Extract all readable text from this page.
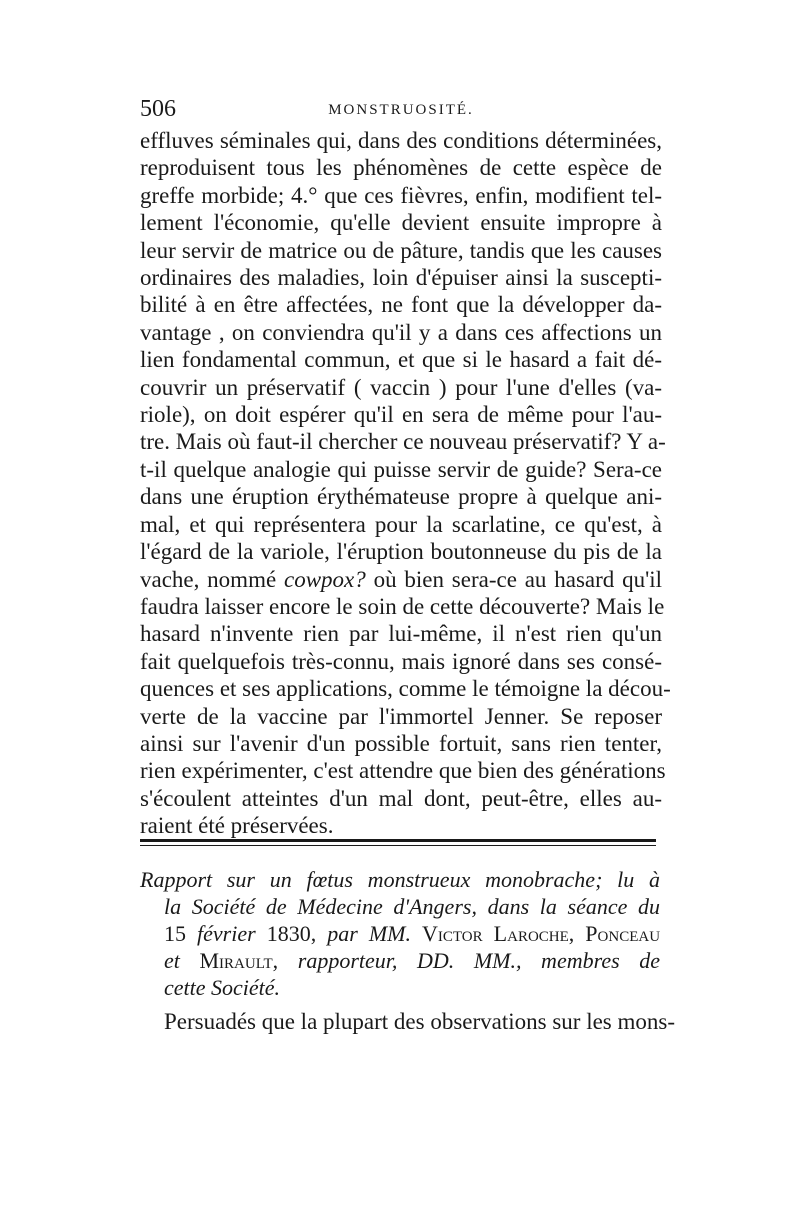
506	MONSTRUOSITÉ.
effluves séminales qui, dans des conditions déterminées,
reproduisent tous les phénomènes de cette espèce de
greffe morbide; 4.° que ces fièvres, enfin, modifient tel-
lement l'économie, qu'elle devient ensuite impropre à
leur servir de matrice ou de pâture, tandis que les causes
ordinaires des maladies, loin d'épuiser ainsi la suscepti-
bilité à en être affectées, ne font que la développer da-
vantage , on conviendra qu'il y a dans ces affections un
lien fondamental commun, et que si le hasard a fait dé-
couvrir un préservatif ( vaccin ) pour l'une d'elles (va-
riole), on doit espérer qu'il en sera de même pour l'au-
tre. Mais où faut-il chercher ce nouveau préservatif? Y a-
t-il quelque analogie qui puisse servir de guide? Sera-ce
dans une éruption érythémateuse propre à quelque ani-
mal, et qui représentera pour la scarlatine, ce qu'est, à
l'égard de la variole, l'éruption boutonneuse du pis de la
vache, nommé cowpox? où bien sera-ce au hasard qu'il
faudra laisser encore le soin de cette découverte? Mais le
hasard n'invente rien par lui-même, il n'est rien qu'un
fait quelquefois très-connu, mais ignoré dans ses consé-
quences et ses applications, comme le témoigne la décou-
verte de la vaccine par l'immortel Jenner. Se reposer
ainsi sur l'avenir d'un possible fortuit, sans rien tenter,
rien expérimenter, c'est attendre que bien des générations
s'écoulent atteintes d'un mal dont, peut-être, elles au-
raient été préservées.
Rapport sur un fœtus monstrueux monobrache; lu à
la Société de Médecine d'Angers, dans la séance du
15 février 1830, par MM. Victor Laroche, Ponceau
et Mirault, rapporteur, DD. MM., membres de
cette Société.
Persuadés que la plupart des observations sur les mons-
